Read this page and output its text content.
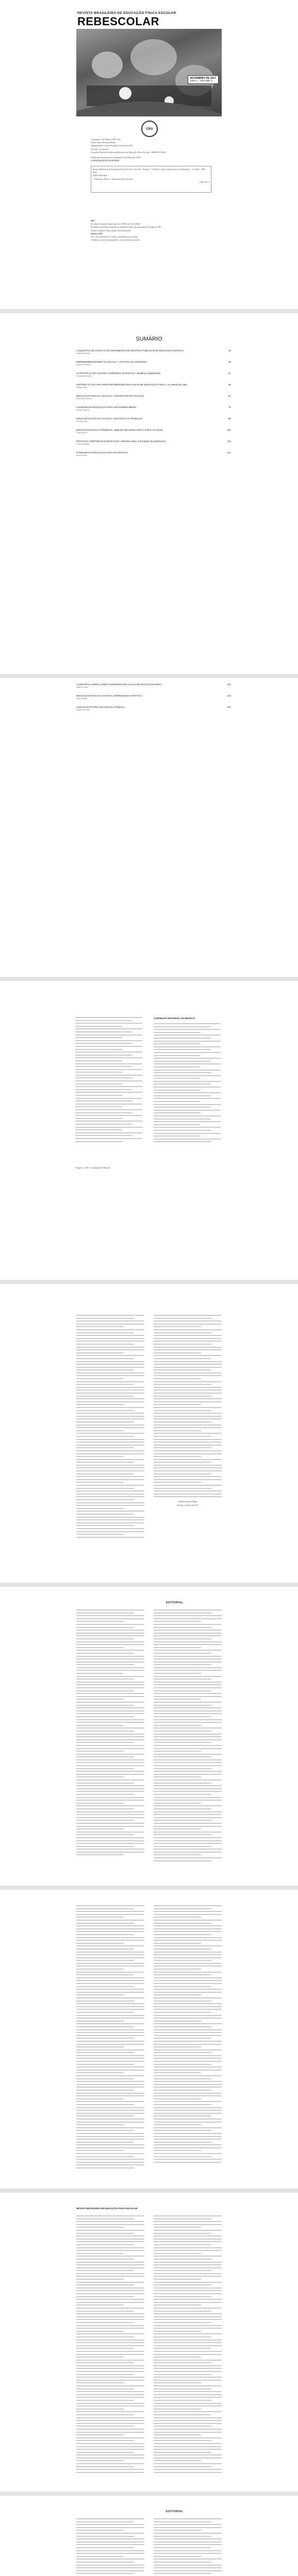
REVISTA BRASILEIRA DE EDUCAÇÃO FÍSICA ESCOLAR
REBESCOLAR
NOVEMBRO DE 2017
ANO 3 · VOLUME 3
CRV
Copyright © da Editora CRV Ltda.
Editor-chefe: Railson Moura
Diagramação e Capa: Designers da Editora CRV
Revisão: Os Autores
Conselho Editorial da Revista Brasileira de Educação Física Escolar - REBESCOLAR
Dados Internacionais de Catalogação na Publicação (CIP)
CATALOGAÇÃO NA FONTE
Revista Brasileira de Educação Física Escolar - Ano III - Volume 3 / Frederico Jorge Saad Guirra (Coordenador). - Curitiba : CRV, 2017.
ISSN 2359-4810
1. Educação Física 2. Educação Física Escolar
CDD 371.3
2017
Foi feito o depósito legal conf. Lei 10.994 de 14/12/2004
Proibida a reprodução parcial ou total desta obra sem autorização da Editora CRV
Todos os direitos desta edição reservados pela:
Editora CRV
Tel.: (41) 3039-6418 - E-mail: sac@editoracrv.com.br
Conheça os nossos lançamentos: www.editoracrv.com.br
SUMÁRIO
O QUESTÃO DE LÓGICA E DO MOVIMENTO EM CENTROS PÚBLICOS DE EDUCAÇÃO INFANTIL
Juliana Mendes
19
EMPREENDEDORISMO NA ESCOLA: A PRÁTICA DA AVENTURA
Marcio Frederico
29
AS PRÁTICAS DE CULTURA CORPORAL NA ESCOLA: desafios e significados
Fernanda Moreira
41
HISTÓRIA E CULTURA AFRICANA/INDÍGENA NAS AULAS DE EDUCAÇÃO FÍSICA: um estudo de caso
Thiago Silva
55
EDUCAÇÃO FÍSICA E A ESCOLA: CONTEXTOS DE ATUAÇÃO
Ana Paula Souza
67
O ENSINO DA EDUCAÇÃO FÍSICA NO ENSINO MÉDIO
Pedro Campos
79
EDUCAÇÃO FÍSICA E A ESCOLA, POLÍTICA E O TRABALHO
Renato Lima
89
EDUCAÇÃO FÍSICA E PESQUISA: algumas discussões sobre o ensino na escola
Carla Nunes
101
PRÁTICAS CORPORAIS E EDUCAÇÃO: reflexões sobre a formação de professores
Lucas Andrade
113
O ENSINO DA EDUCAÇÃO FÍSICA NA ESCOLA
Bruno Alves
121
A GINÁSTICA GERAL COMO CONTEÚDO NAS AULAS DE EDUCAÇÃO FÍSICA
Marina Costa
131
EDUCAÇÃO FÍSICA E CULTURA: DIVERSIDADE E PRÁTICA
José Ribeiro
143
A EDUCAÇÃO FÍSICA NA ESCOLA PÚBLICA
Daniel Ferreira
157
CONSELHO EDITORIAL DA REVISTA
Tiragem: 1.000 · Coordenação Editorial
Daniel Ferreira Pinho
30 de novembro de 2017
EDITORIAL
REVISTA BRASILEIRA DE EDUCAÇÃO FÍSICA ESCOLAR
EDITORIAL
